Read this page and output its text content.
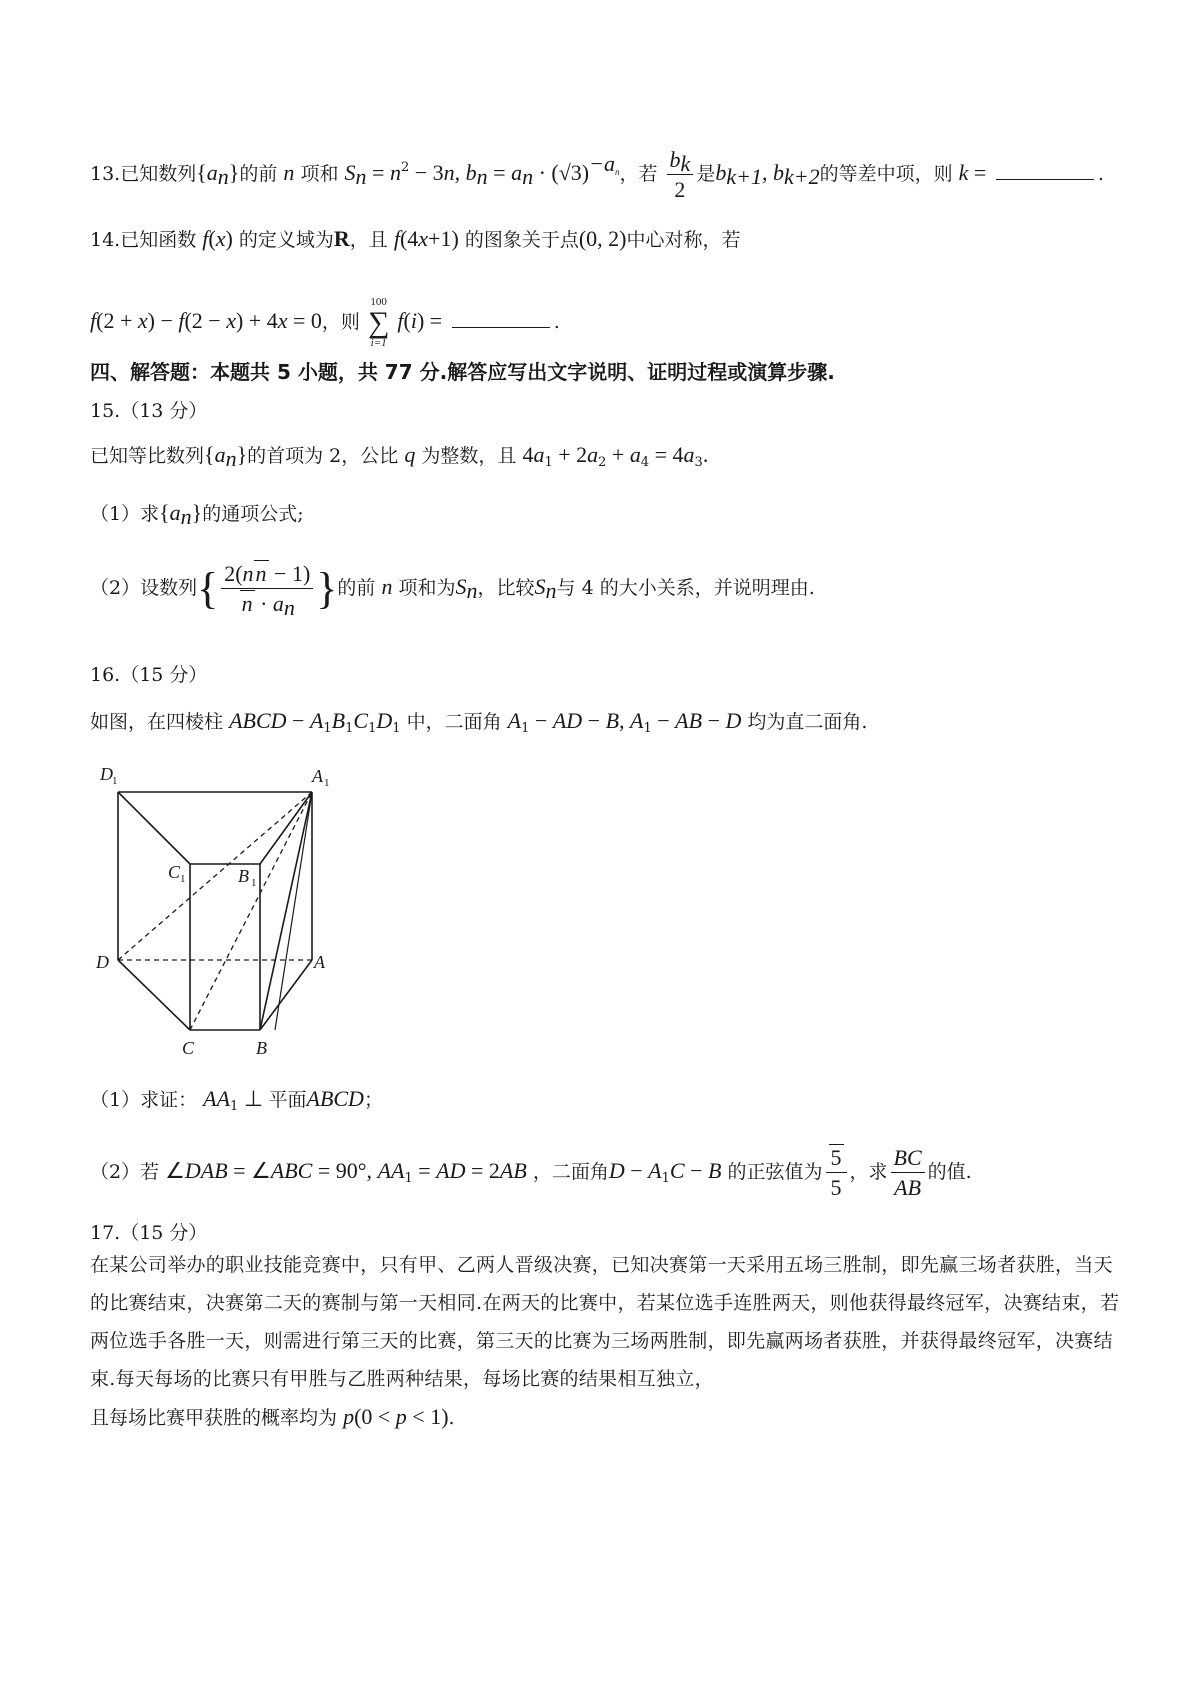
13.已知数列$\{a_n\}$的前 n 项和 $S_n = n^2 - 3n$, $b_n = a_n \cdot (√3)^{-a_n}$，若 $\frac{b_k}{2}$ 是$b_{k+1}$, $b_{k+2}$的等差中项，则 k =	.
14.已知函数 f(x) 的定义域为R，且 f(4x+1) 的图象关于点(0, 2)中心对称，若
f(2 + x) − f(2 − x) + 4x = 0，则
100
∑
i=1
f(i) =	.
四、解答题：本题共 5 小题，共 77 分.解答应写出文字说明、证明过程或演算步骤.
15.（13 分）
已知等比数列$\{a_n\}$的首项为 2，公比 q 为整数，且 $4a_1 + 2a_2 + a_4 = 4a_3$.
（1）求$\{a_n\}$的通项公式;
（2）设数列{ $\frac{2(nn - 1)}{n \cdot a_n}$ }的前 n 项和为$S_n$，比较$S_n$与 4 的大小关系，并说明理由.
16.（15 分）
如图，在四棱柱 ABCD − $A_1B_1C_1D_1$ 中，二面角 $A_1$ − AD − B, $A_1$ − AB − D 均为直二面角.
D 1	A 1
C 1	B 1
D	A
C	B
（1）求证： $AA_1$ ⊥ 平面ABCD；
（2）若 ∠DAB = ∠ABC = 90°, $AA_1$ = AD = 2AB ，二面角$D - A_1C - B$ 的正弦值为 $\frac{5}{5}$ ，求 $\frac{BC}{AB}$ 的值.
17.（15 分）
在某公司举办的职业技能竞赛中，只有甲、乙两人晋级决赛，已知决赛第一天采用五场三胜制，即先赢三场者获胜，当天的比赛结束，决赛第二天的赛制与第一天相同.在两天的比赛中，若某位选手连胜两天，则他获得最终冠军，决赛结束，若两位选手各胜一天，则需进行第三天的比赛，第三天的比赛为三场两胜制，即先赢两场者获胜，并获得最终冠军，决赛结束.每天每场的比赛只有甲胜与乙胜两种结果，每场比赛的结果相互独立，
且每场比赛甲获胜的概率均为 p(0 < p < 1).
